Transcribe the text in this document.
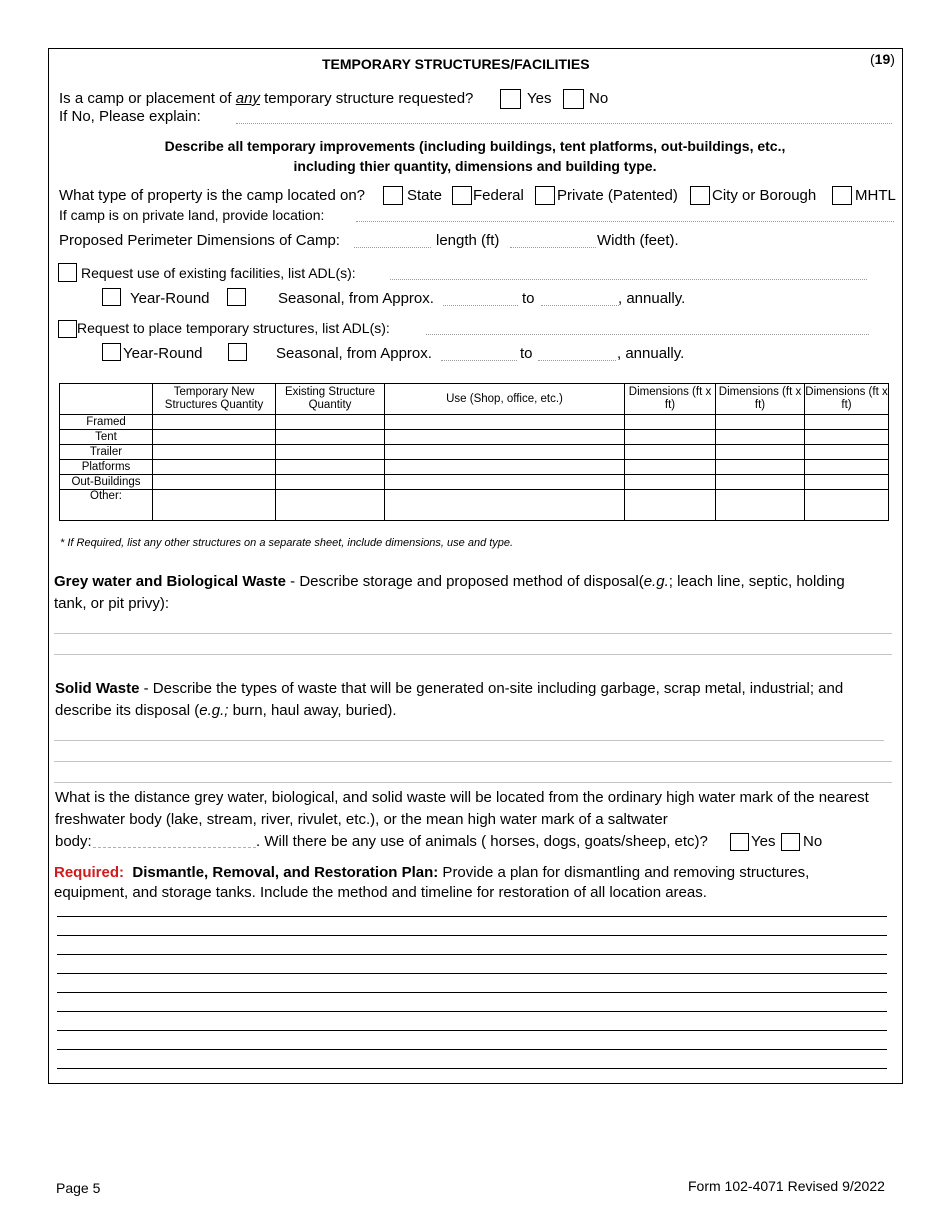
TEMPORARY STRUCTURES/FACILITIES	(19)
Is a camp or placement of any temporary structure requested?	Yes	No
If No, Please explain:
Describe all temporary improvements (including buildings, tent platforms, out-buildings, etc.,
including thier quantity, dimensions and building type.
What type of property is the camp located on?	State Federal Private (Patented) City or Borough	MHTL
If camp is on private land, provide location:
Proposed Perimeter Dimensions of Camp:	length (ft)	Width (feet).
Request use of existing facilities, list ADL(s):
Year-Round	Seasonal, from Approx.	to	, annually.
Request to place temporary structures, list ADL(s):
Year-Round	Seasonal, from Approx.	to	, annually.
	Temporary New Structures Quantity	Existing Structure Quantity	Use (Shop, office, etc.)	Dimensions (ft x ft)	Dimensions (ft x ft)	Dimensions (ft x ft)
Framed						
Tent						
Trailer						
Platforms						
Out-Buildings						
Other:						
* If Required, list any other structures on a separate sheet, include dimensions, use and type.
Grey water and Biological Waste - Describe storage and proposed method of disposal(e.g.; leach line, septic, holding
tank, or pit privy):
Solid Waste - Describe the types of waste that will be generated on-site including garbage, scrap metal, industrial; and
describe its disposal (e.g.; burn, haul away, buried).
What is the distance grey water, biological, and solid waste will be located from the ordinary high water mark of the nearest
freshwater body (lake, stream, river, rivulet, etc.), or the mean high water mark of a saltwater
body:	. Will there be any use of animals ( horses, dogs, goats/sheep, etc)?	Yes No
Required: Dismantle, Removal, and Restoration Plan: Provide a plan for dismantling and removing structures,
equipment, and storage tanks. Include the method and timeline for restoration of all location areas.
Page 5	Form 102-4071 Revised 9/2022
